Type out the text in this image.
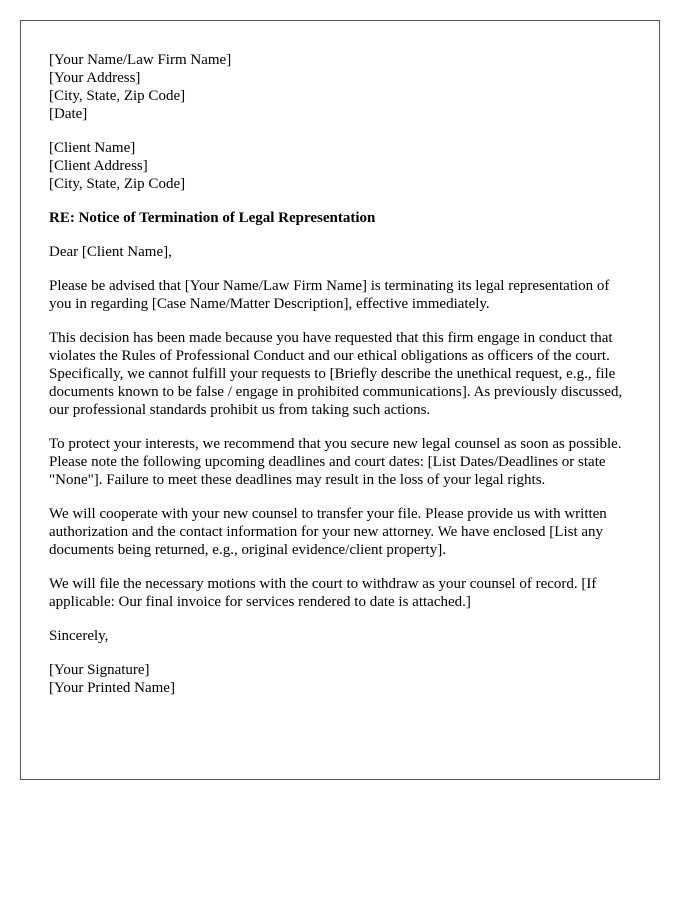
[Your Name/Law Firm Name]
[Your Address]
[City, State, Zip Code]
[Date]
[Client Name]
[Client Address]
[City, State, Zip Code]
RE: Notice of Termination of Legal Representation
Dear [Client Name],

Please be advised that [Your Name/Law Firm Name] is terminating its legal representation of you in regarding [Case Name/Matter Description], effective immediately.

This decision has been made because you have requested that this firm engage in conduct that violates the Rules of Professional Conduct and our ethical obligations as officers of the court. Specifically, we cannot fulfill your requests to [Briefly describe the unethical request, e.g., file documents known to be false / engage in prohibited communications]. As previously discussed, our professional standards prohibit us from taking such actions.

To protect your interests, we recommend that you secure new legal counsel as soon as possible. Please note the following upcoming deadlines and court dates: [List Dates/Deadlines or state "None"]. Failure to meet these deadlines may result in the loss of your legal rights.

We will cooperate with your new counsel to transfer your file. Please provide us with written authorization and the contact information for your new attorney. We have enclosed [List any documents being returned, e.g., original evidence/client property].

We will file the necessary motions with the court to withdraw as your counsel of record. [If applicable: Our final invoice for services rendered to date is attached.]

Sincerely,
[Your Signature]
[Your Printed Name]
